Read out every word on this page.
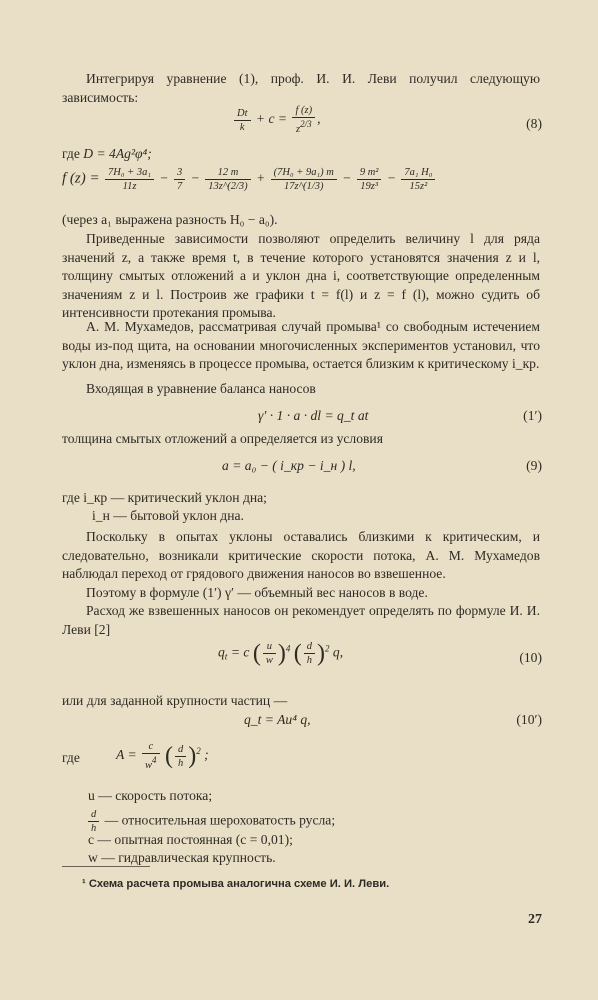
Интегрируя уравнение (1), проф. И. И. Леви получил следующую зависимость:

$\frac{Dt}{k} + c = \frac{f (z)}{z2/3}$ ,	(8)
где D = 4Ag²φ⁴;
f $(z) = \frac{\text{7H₀ + 3a₁}}{11z} - \frac{3}{7} - \frac{12 m}{13z\^{}(2/3)} + \frac{\text{(7H₀ + 9a₁) m}}{17z\^{}(1/3)} - \frac{\text{9 m²}}{\text{19z³}} - \frac{\text{7a₁ H₀}}{\text{15z²}}$
(через a₁ выражена разность H₀ − a₀).

Приведенные зависимости позволяют определить величину l для ряда значений z, а также время t, в течение которого установятся значения z и l, толщину смытых отложений a и уклон дна i, соответствующие определенным значениям z и l. Построив же графики t = f(l) и z = f (l), можно судить об интенсивности протекания промыва.

А. М. Мухамедов, рассматривая случай промыва¹ со свободным истечением воды из-под щита, на основании многочисленных экспериментов установил, что уклон дна, изменяясь в процессе промыва, остается близким к критическому i_кр.

Входящая в уравнение баланса наносов

γ′ · 1 · a · dl = q_t at	(1′)

толщина смытых отложений a определяется из условия

a = a₀ − ( i_кр − i_н ) l,	(9)
где i_кр — критический уклон дна;
i_н — бытовой уклон дна.

Поскольку в опытах уклоны оставались близкими к критическим, и следовательно, возникали критические скорости потока, А. М. Мухамедов наблюдал переход от грядового движения наносов во взвешенное.

Поэтому в формуле (1′) γ′ — объемный вес наносов в воде.

Расход же взвешенных наносов он рекомендует определять по формуле И. И. Леви [2]

$q_t = c$ ( $\frac{u}{w} )^4$ ( $\frac{d}{h} )^2$ q,	(10)

или для заданной крупности частиц —

q_t = Au⁴ q,	(10′)
где	$A = \frac{c}{w4}$ ( $\frac{d}{h} )^2$ ;
u — скорость потока;
$\frac{d}{h}$ — относительная шероховатость русла;
c — опытная постоянная (c = 0,01);
w — гидравлическая крупность.
¹ Схема расчета промыва аналогична схеме И. И. Леви.
27
